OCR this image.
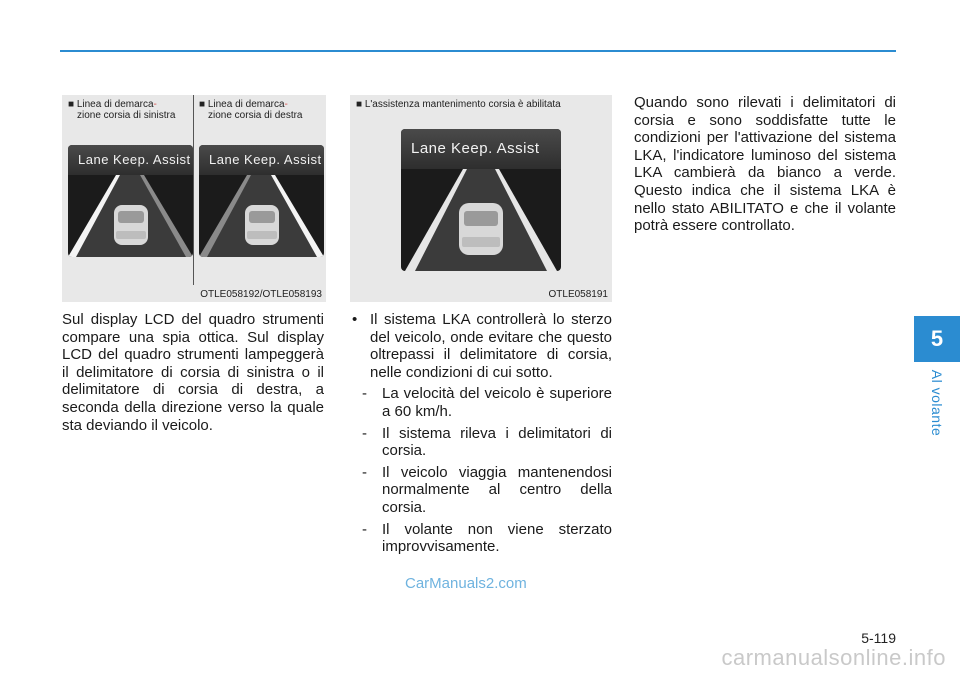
5
Al volante
■ Linea di demarca-
zione corsia di sinistra
■ Linea di demarca-
zione corsia di destra
Lane Keep. Assist	Lane Keep. Assist
OTLE058192/OTLE058193
■ L'assistenza mantenimento corsia è abilitata
Lane Keep. Assist
OTLE058191
Sul display LCD del quadro strumenti compare una spia ottica. Sul display LCD del quadro strumenti lampeggerà il delimitatore di corsia di sinistra o il delimitatore di corsia di destra, a seconda della direzione verso la quale sta deviando il veicolo.
• Il sistema LKA controllerà lo sterzo del veicolo, onde evitare che questo oltrepassi il delimitatore di corsia, nelle condizioni di cui sotto.
-	La velocità del veicolo è superiore a 60 km/h.
-	Il sistema rileva i delimitatori di corsia.
-	Il veicolo viaggia mantenendosi normalmente al centro della corsia.
-	Il volante non viene sterzato improvvisamente.
Quando sono rilevati i delimitatori di corsia e sono soddisfatte tutte le condizioni per l'attivazione del sistema LKA, l'indicatore luminoso del sistema LKA cambierà da bianco a verde. Questo indica che il sistema LKA è nello stato ABILITATO e che il volante potrà essere controllato.
CarManuals2.com
5-119
carmanualsonline.info
